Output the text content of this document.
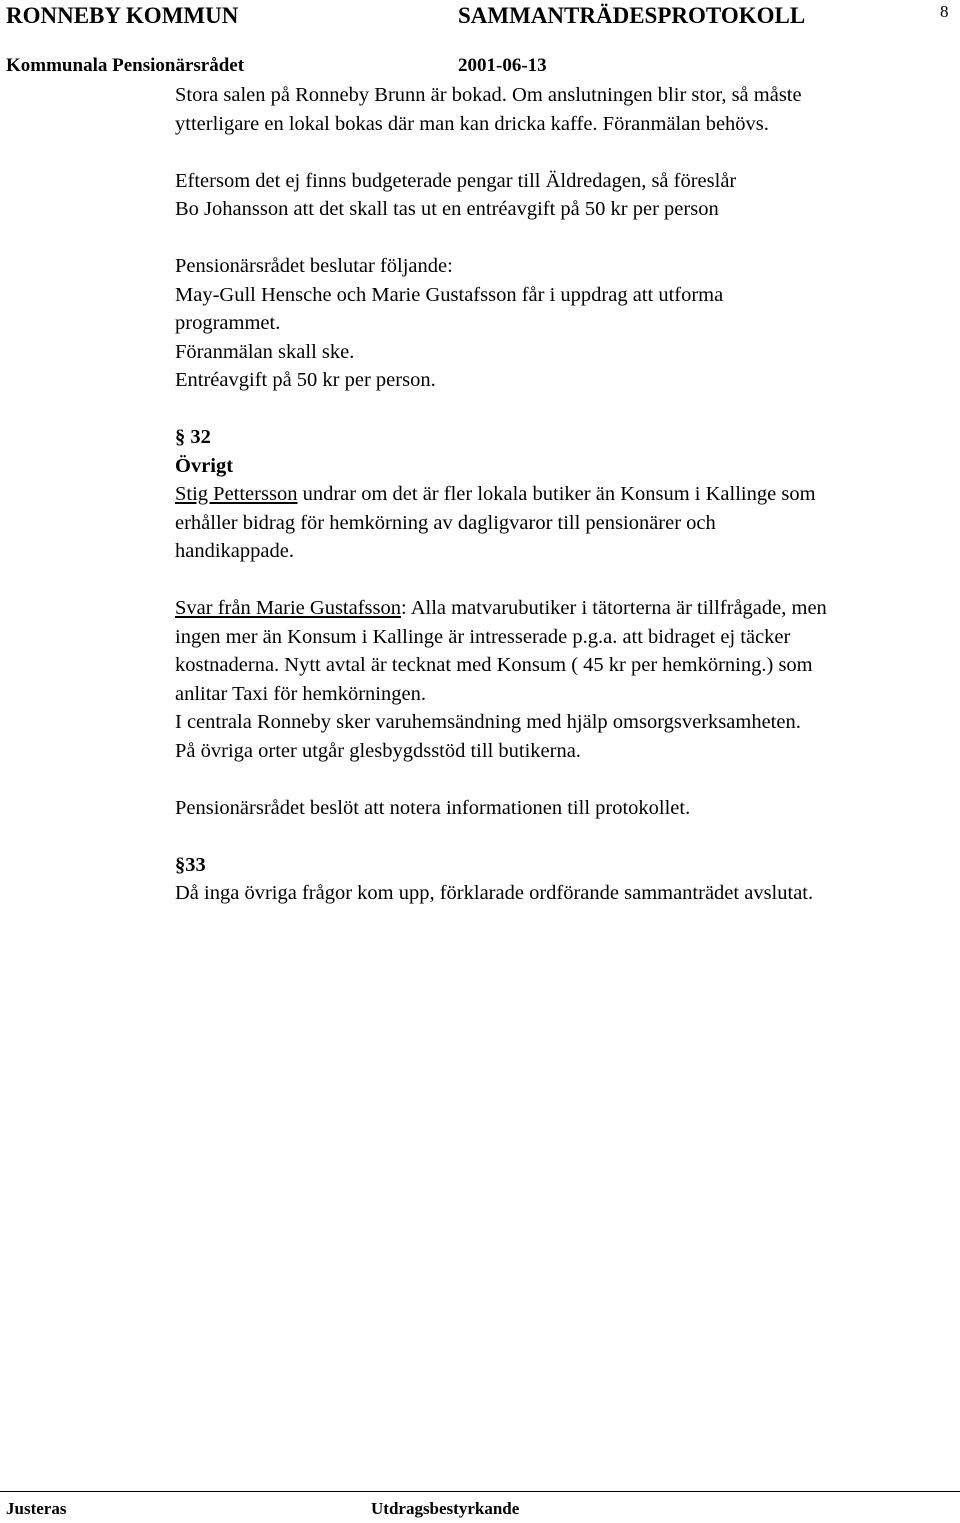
RONNEBY KOMMUN	SAMMANTRÄDESPROTOKOLL	8
Kommunala Pensionärsrådet	2001-06-13

Stora salen på Ronneby Brunn är bokad. Om anslutningen blir stor, så måste

ytterligare en lokal bokas där man kan dricka kaffe. Föranmälan behövs.

Eftersom det ej finns budgeterade pengar till Äldredagen, så föreslår

Bo Johansson att det skall tas ut en entréavgift på 50 kr per person

Pensionärsrådet beslutar följande:

May-Gull Hensche och Marie Gustafsson får i uppdrag att utforma

programmet.

Föranmälan skall ske.

Entréavgift på 50 kr per person.

§ 32

Övrigt

Stig Pettersson undrar om det är fler lokala butiker än Konsum i Kallinge som

erhåller bidrag för hemkörning av dagligvaror till pensionärer och

handikappade.

Svar från Marie Gustafsson: Alla matvarubutiker i tätorterna är tillfrågade, men

ingen mer än Konsum i Kallinge är intresserade p.g.a. att bidraget ej täcker

kostnaderna. Nytt avtal är tecknat med Konsum ( 45 kr per hemkörning.) som

anlitar Taxi för hemkörningen.

I centrala Ronneby sker varuhemsändning med hjälp omsorgsverksamheten.

På övriga orter utgår glesbygdsstöd till butikerna.

Pensionärsrådet beslöt att notera informationen till protokollet.

§33

Då inga övriga frågor kom upp, förklarade ordförande sammanträdet avslutat.

Justeras	Utdragsbestyrkande
